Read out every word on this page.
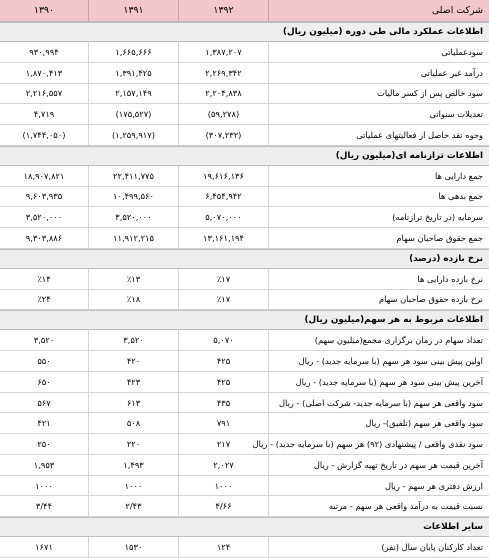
۱۳۹۰	۱۳۹۱	۱۳۹۲	شرکت اصلی
اطلاعات عملکرد مالی طی دوره (میلیون ریال)
۹۳۰,۹۹۴	۱,۶۶۵,۶۶۶	۱,۳۸۷,۲۰۷	سودعملیاتی
۱,۸۷۰,۴۱۳	۱,۳۹۱,۴۲۵	۲,۲۶۹,۳۴۲	درآمد غیر عملیاتی
۲,۲۱۶,۵۵۷	۲,۱۵۷,۱۴۹	۲,۲۰۴,۸۳۸	سود خالص پس از کسر مالیات
۴,۷۱۹	(۱۷۵,۵۲۷)	(۵۹,۲۷۸)	تعدیلات سنواتی
(۱,۷۴۴,۰۵۰)	(۱,۲۵۹,۹۱۷)	(۳۰۷,۲۳۲)	وجوه نقد حاصل از فعالیتهای عملیاتی
اطلاعات ترازنامه ای(میلیون ریال)
۱۸,۹۰۷,۸۲۱	۲۲,۴۱۱,۷۷۵	۱۹,۶۱۶,۱۳۶	جمع دارایی ها
۹,۶۰۳,۹۳۵	۱۰,۴۹۹,۵۶۰	۶,۴۵۴,۹۴۲	جمع بدهی ها
۳,۵۲۰,۰۰۰	۳,۵۲۰,۰۰۰	۵,۰۷۰,۰۰۰	سرمایه (در تاریخ ترازنامه)
۹,۳۰۳,۸۸۶	۱۱,۹۱۲,۲۱۵	۱۳,۱۶۱,۱۹۴	جمع حقوق صاحبان سهام
نرخ بازده (درصد)
٪۱۴	٪۱۳	٪۱۷	نرخ بازده دارایی ها
٪۲۴	٪۱۸	٪۱۷	نرخ بازده حقوق صاحبان سهام
اطلاعات مربوط به هر سهم(میلیون ریال)
۳,۵۲۰	۳,۵۲۰	۵,۰۷۰	تعداد سهام در زمان برگزاری مجمع(میلیون سهم)
۵۵۰	۴۲۰	۴۲۵	اولین پیش بینی سود هر سهم (با سرمایه جدید) - ریال
۶۵۰	۴۲۳	۴۲۵	آخرین پیش بینی سود هر سهم (با سرمایه جدید) - ریال
۵۶۷	۶۱۳	۴۳۵	سود واقعی هر سهم (با سرمایه جدید- شرکت اصلی) - ریال
۴۲۱	۵۰۸	۷۹۱	سود واقعی هر سهم (تلفیق)- ریال
۲۵۰	۲۲۰	۲۱۷	سود نقدی واقعی / پیشنهادی (۹۲) هر سهم (با سرمایه جدید) - ریال
۱,۹۵۳	۱,۴۹۳	۲,۰۲۷	آخرین قیمت هر سهم در تاریخ تهیه گزارش - ریال
۱۰۰۰	۱۰۰۰	۱۰۰۰	ارزش دفتری هر سهم - ریال
۳/۴۴	۲/۴۳	۴/۶۶	نسبت قیمت به درآمد واقعی هر سهم - مرتبه
سایر اطلاعات
۱۶۷۱	۱۵۳۰	۱۲۴	تعداد کارکنان پایان سال (نفر)
